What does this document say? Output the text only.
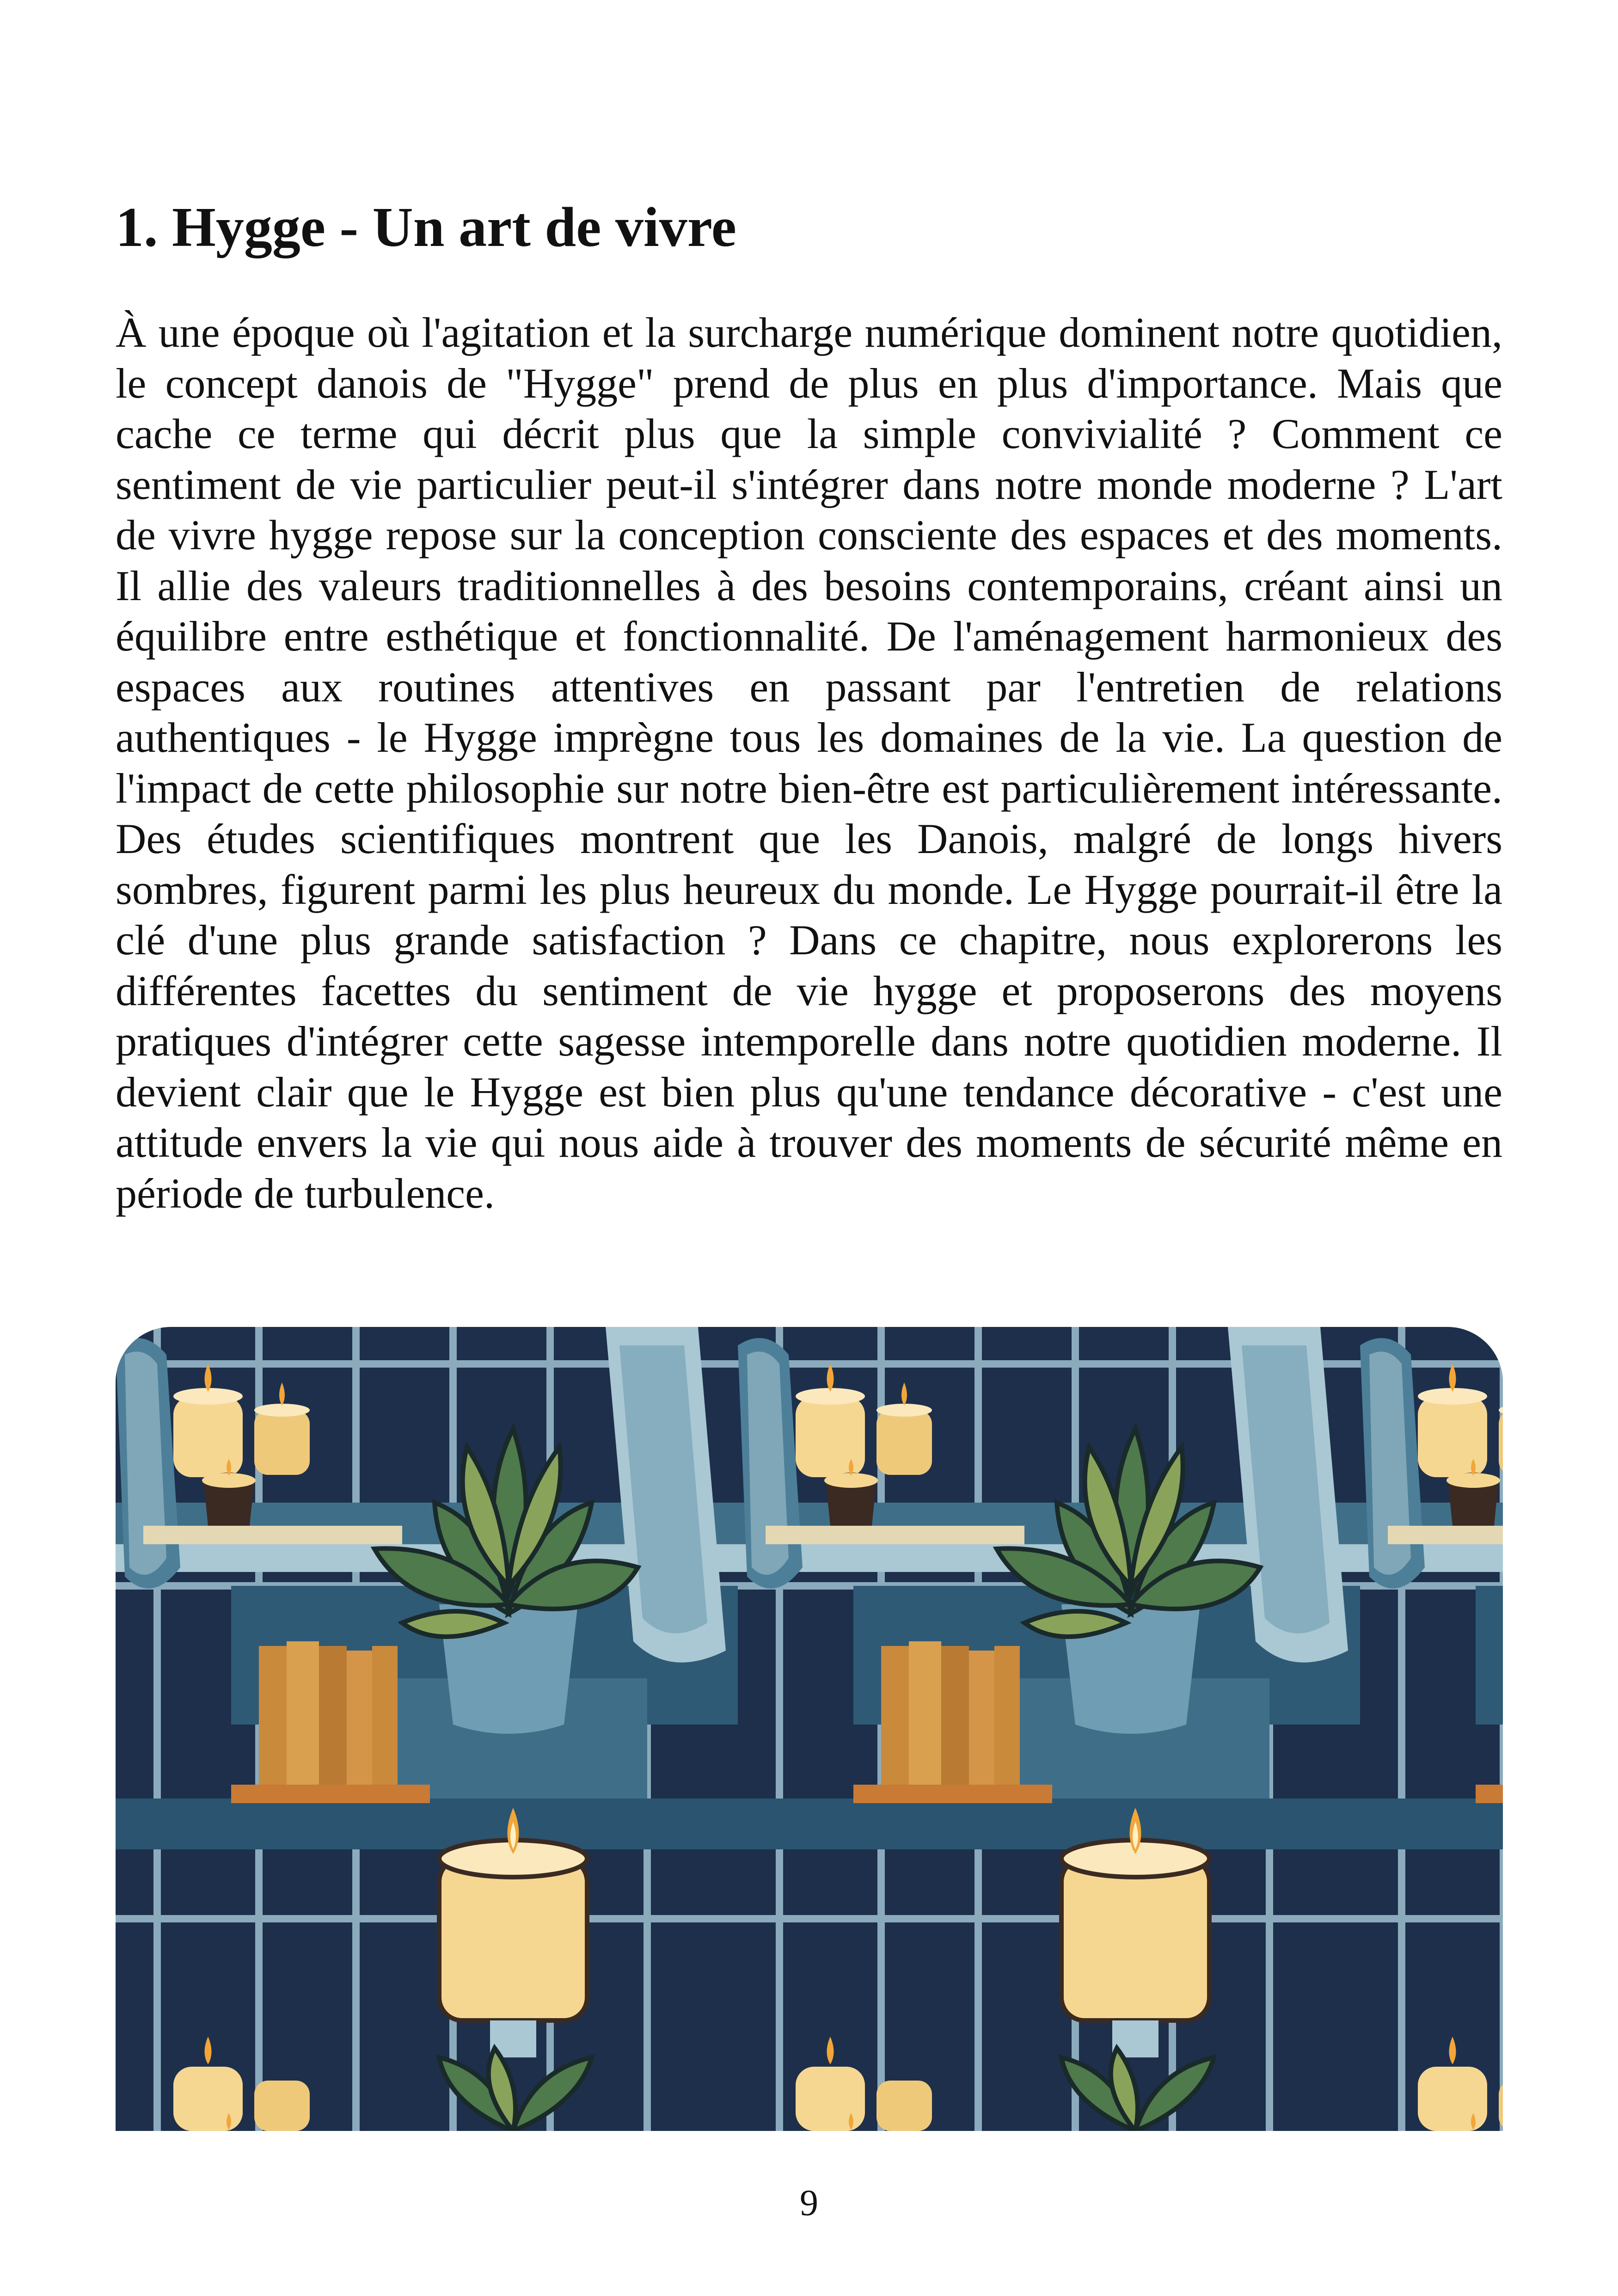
1. Hygge - Un art de vivre

À une époque où l'agitation et la surcharge numérique dominent notre quotidien, le concept danois de "Hygge" prend de plus en plus d'importance. Mais que cache ce terme qui décrit plus que la simple convivialité ? Comment ce sentiment de vie particulier peut-il s'intégrer dans notre monde moderne ? L'art de vivre hygge repose sur la conception consciente des espaces et des moments. Il allie des valeurs traditionnelles à des besoins contemporains, créant ainsi un équilibre entre esthétique et fonctionnalité. De l'aménagement harmonieux des espaces aux routines attentives en passant par l'entretien de relations authentiques - le Hygge imprègne tous les domaines de la vie. La question de l'impact de cette philosophie sur notre bien-être est particulièrement intéressante. Des études scientifiques montrent que les Danois, malgré de longs hivers sombres, figurent parmi les plus heureux du monde. Le Hygge pourrait-il être la clé d'une plus grande satisfaction ? Dans ce chapitre, nous explorerons les différentes facettes du sentiment de vie hygge et proposerons des moyens pratiques d'intégrer cette sagesse intemporelle dans notre quotidien moderne. Il devient clair que le Hygge est bien plus qu'une tendance décorative - c'est une attitude envers la vie qui nous aide à trouver des moments de sécurité même en période de turbulence.

9
